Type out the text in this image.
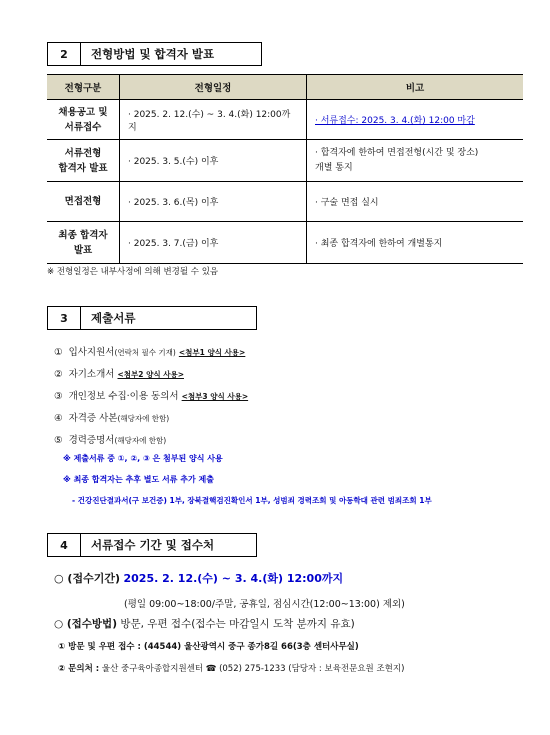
2	전형방법 및 합격자 발표
전형구분	전형일정	비고
채용공고 및
서류접수	· 2025. 2. 12.(수) ~ 3. 4.(화) 12:00까지	· 서류접수: 2025. 3. 4.(화) 12:00 마감
서류전형
합격자 발표	· 2025. 3. 5.(수) 이후	· 합격자에 한하여 면접전형(시간 및 장소)
개별 통지
면접전형	· 2025. 3. 6.(목) 이후	· 구술 면접 실시
최종 합격자
발표	· 2025. 3. 7.(금) 이후	· 최종 합격자에 한하여 개별통지
※ 전형일정은 내부사정에 의해 변경될 수 있음
3	제출서류
① 입사지원서(연락처 필수 기재) <첨부1 양식 사용>
② 자기소개서 <첨부2 양식 사용>
③ 개인정보 수집·이용 동의서 <첨부3 양식 사용>
④ 자격증 사본(해당자에 한함)
⑤ 경력증명서(해당자에 한함)
※ 제출서류 중 ①, ②, ③ 은 첨부된 양식 사용
※ 최종 합격자는 추후 별도 서류 추가 제출
- 건강진단결과서(구 보건증) 1부, 장북결핵검진확인서 1부, 성범죄 경력조회 및 아동학대 관련 범죄조회 1부
4	서류접수 기간 및 접수처
○ (접수기간) 2025. 2. 12.(수) ~ 3. 4.(화) 12:00까지
(평일 09:00~18:00/주말, 공휴일, 점심시간(12:00~13:00) 제외)
○ (접수방법) 방문, 우편 접수(접수는 마감일시 도착 분까지 유효)
① 방문 및 우편 접수 : (44544) 울산광역시 중구 종가8길 66(3층 센터사무실)
② 문의처 : 울산 중구육아종합지원센터 ☎ (052) 275-1233 (담당자 : 보육전문요원 조현지)
